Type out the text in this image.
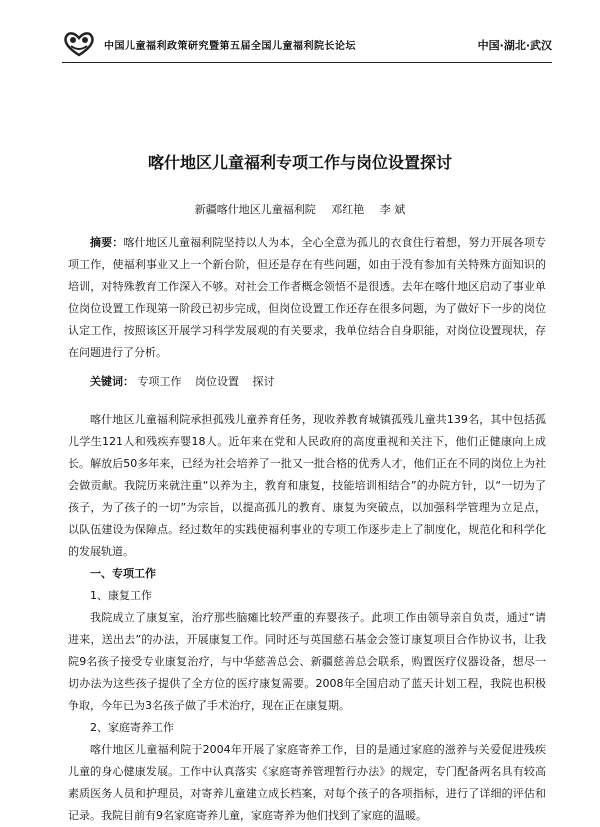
中国儿童福利政策研究暨第五届全国儿童福利院长论坛	中国·湖北·武汉
喀什地区儿童福利专项工作与岗位设置探讨
新疆喀什地区儿童福利院 邓红艳 李 斌
摘要：喀什地区儿童福利院坚持以人为本，全心全意为孤儿的衣食住行着想，努力开展各项专项工作，使福利事业又上一个新台阶，但还是存在有些问题，如由于没有参加有关特殊方面知识的培训，对特殊教育工作深入不够。对社会工作者概念领悟不是很透。去年在喀什地区启动了事业单位岗位设置工作现第一阶段已初步完成，但岗位设置工作还存在很多问题，为了做好下一步的岗位认定工作，按照该区开展学习科学发展观的有关要求，我单位结合自身职能，对岗位设置现状，存在问题进行了分析。
关键词： 专项工作 岗位设置 探讨

喀什地区儿童福利院承担孤残儿童养育任务，现收养教育城镇孤残儿童共139名，其中包括孤儿学生121人和残疾弃婴18人。近年来在党和人民政府的高度重视和关注下，他们正健康向上成长。解放后50多年来，已经为社会培养了一批又一批合格的优秀人才，他们正在不同的岗位上为社会做贡献。我院历来就注重“以养为主，教育和康复，技能培训相结合”的办院方针，以“一切为了孩子，为了孩子的一切”为宗旨，以提高孤儿的教育、康复为突破点，以加强科学管理为立足点，以队伍建设为保障点。经过数年的实践使福利事业的专项工作逐步走上了制度化，规范化和科学化的发展轨道。

一、专项工作

1、康复工作

我院成立了康复室，治疗那些脑瘫比较严重的弃婴孩子。此项工作由领导亲自负责，通过“请进来，送出去”的办法，开展康复工作。同时还与英国慈石基金会签订康复项目合作协议书，让我院9名孩子接受专业康复治疗，与中华慈善总会、新疆慈善总会联系，购置医疗仪器设备，想尽一切办法为这些孩子提供了全方位的医疗康复需要。2008年全国启动了蓝天计划工程，我院也积极争取，今年已为3名孩子做了手术治疗，现在正在康复期。

2、家庭寄养工作

喀什地区儿童福利院于2004年开展了家庭寄养工作，目的是通过家庭的滋养与关爱促进残疾儿童的身心健康发展。工作中认真落实《家庭寄养管理暂行办法》的规定，专门配备两名具有较高素质医务人员和护理员，对寄养儿童建立成长档案，对每个孩子的各项指标，进行了详细的评估和记录。我院目前有9名家庭寄养儿童，家庭寄养为他们找到了家庭的温暖。
